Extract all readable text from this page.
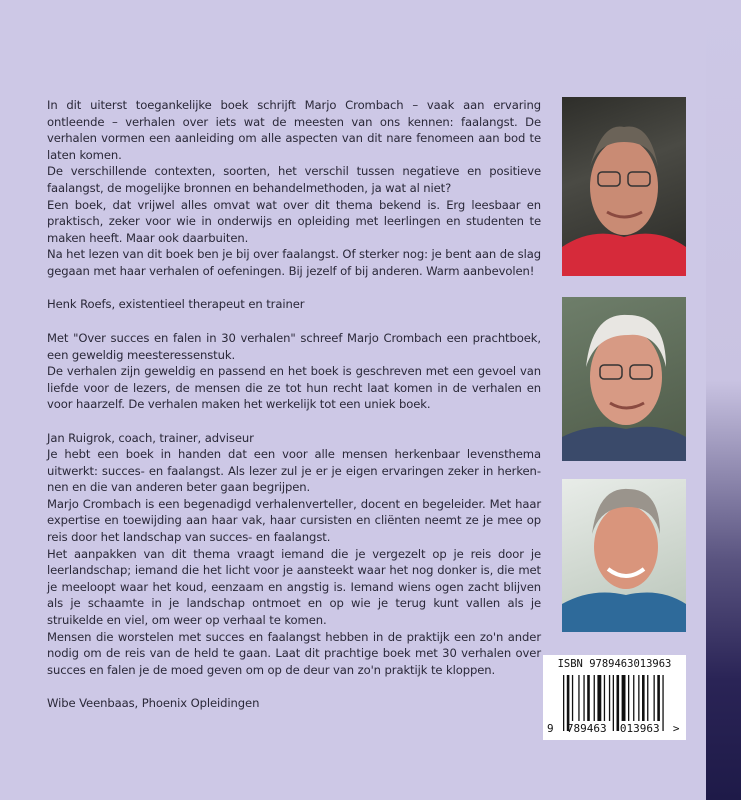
In dit uiterst toegankelijke boek schrijft Marjo Crombach – vaak aan ervaring ontleende – verhalen over iets wat de meesten van ons kennen: faalangst. De verhalen vormen een aanleiding om alle aspecten van dit nare fenomeen aan bod te laten komen.

De verschillende contexten, soorten, het verschil tussen negatieve en positieve faalangst, de mogelijke bronnen en behandelmethoden, ja wat al niet?

Een boek, dat vrijwel alles omvat wat over dit thema bekend is. Erg leesbaar en praktisch, zeker voor wie in onderwijs en opleiding met leerlingen en studenten te maken heeft. Maar ook daarbuiten.

Na het lezen van dit boek ben je bij over faalangst. Of sterker nog: je bent aan de slag gegaan met haar verhalen of oefeningen. Bij jezelf of bij anderen. Warm aanbevolen!

Henk Roefs, existentieel therapeut en trainer

Met "Over succes en falen in 30 verhalen" schreef Marjo Crombach een prachtboek, een geweldig meesteressenstuk.

De verhalen zijn geweldig en passend en het boek is geschreven met een gevoel van liefde voor de lezers, de mensen die ze tot hun recht laat komen in de verhalen en voor haarzelf. De verhalen maken het werkelijk tot een uniek boek.

Jan Ruigrok, coach, trainer, adviseur

Je hebt een boek in handen dat een voor alle mensen herkenbaar levensthema uitwerkt: succes- en faalangst. Als lezer zul je er je eigen ervaringen zeker in herkennen en die van anderen beter gaan begrijpen.

Marjo Crombach is een begenadigd verhalenverteller, docent en begeleider. Met haar expertise en toewijding aan haar vak, haar cursisten en cliënten neemt ze je mee op reis door het landschap van succes- en faalangst.

Het aanpakken van dit thema vraagt iemand die je vergezelt op je reis door je leerlandschap; iemand die het licht voor je aansteekt waar het nog donker is, die met je meeloopt waar het koud, eenzaam en angstig is. Iemand wiens ogen zacht blijven als je schaamte in je landschap ontmoet en op wie je terug kunt vallen als je struikelde en viel, om weer op verhaal te komen.

Mensen die worstelen met succes en faalangst hebben in de praktijk een zo'n ander nodig om de reis van de held te gaan. Laat dit prachtige boek met 30 verhalen over succes en falen je de moed geven om op de deur van zo'n praktijk te kloppen.

Wibe Veenbaas, Phoenix Opleidingen

ISBN 9789463013963
9  789463  013963  >
